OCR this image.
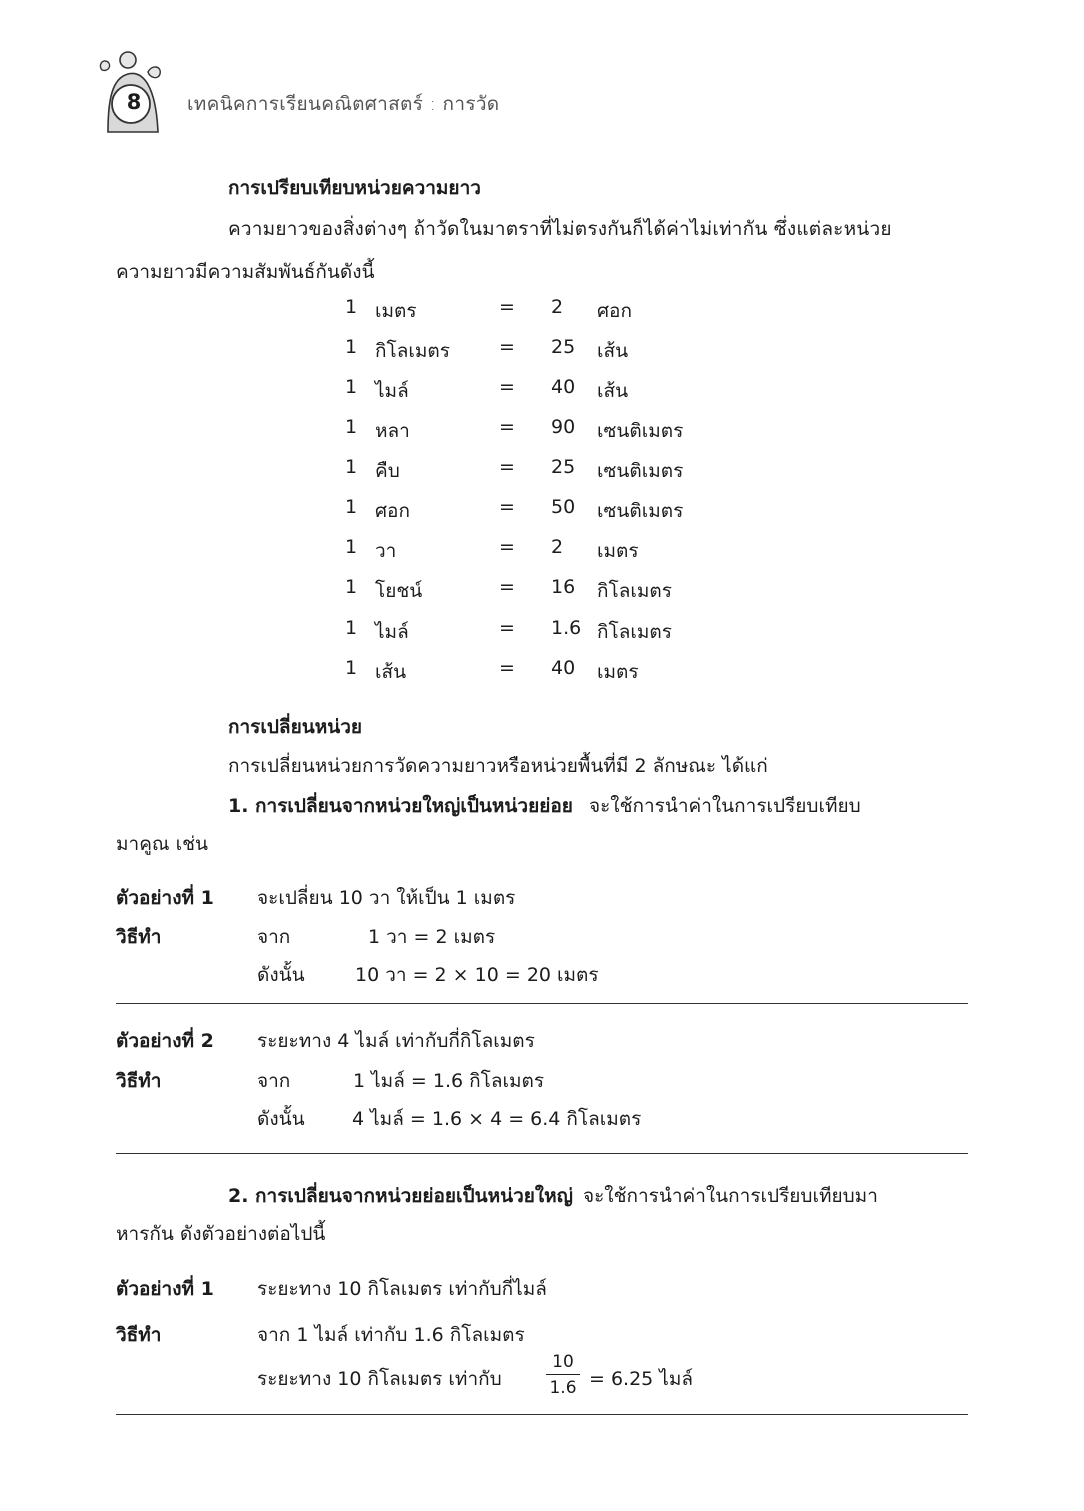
8 เทคนิคการเรียนคณิตศาสตร์ : การวัด
การเปรียบเทียบหน่วยความยาว
ความยาวของสิ่งต่างๆ ถ้าวัดในมาตราที่ไม่ตรงกันก็ได้ค่าไม่เท่ากัน ซึ่งแต่ละหน่วย
ความยาวมีความสัมพันธ์กันดังนี้
1 เมตร	= 2 ศอก
1 กิโลเมตร	= 25 เส้น
1 ไมล์	= 40 เส้น
1 หลา	= 90 เซนติเมตร
1 คืบ	= 25 เซนติเมตร
1 ศอก	= 50 เซนติเมตร
1 วา	= 2 เมตร
1 โยชน์	= 16 กิโลเมตร
1 ไมล์	= 1.6 กิโลเมตร
1 เส้น	= 40 เมตร
การเปลี่ยนหน่วย
การเปลี่ยนหน่วยการวัดความยาวหรือหน่วยพื้นที่มี 2 ลักษณะ ได้แก่
1. การเปลี่ยนจากหน่วยใหญ่เป็นหน่วยย่อย จะใช้การนำค่าในการเปรียบเทียบ
มาคูณ เช่น
ตัวอย่างที่ 1 จะเปลี่ยน 10 วา ให้เป็น 1 เมตร
วิธีทำ	จาก	1 วา = 2 เมตร
ดังนั้น	10 วา = 2 × 10 = 20 เมตร
ตัวอย่างที่ 2 ระยะทาง 4 ไมล์ เท่ากับกี่กิโลเมตร
วิธีทำ	จาก	1 ไมล์ = 1.6 กิโลเมตร
ดังนั้น 4 ไมล์ = 1.6 × 4 = 6.4 กิโลเมตร
2. การเปลี่ยนจากหน่วยย่อยเป็นหน่วยใหญ่ จะใช้การนำค่าในการเปรียบเทียบมา
หารกัน ดังตัวอย่างต่อไปนี้
ตัวอย่างที่ 1 ระยะทาง 10 กิโลเมตร เท่ากับกี่ไมล์
วิธีทำ	จาก 1 ไมล์ เท่ากับ 1.6 กิโลเมตร
ระยะทาง 10 กิโลเมตร เท่ากับ
10
1.6 = 6.25 ไมล์
